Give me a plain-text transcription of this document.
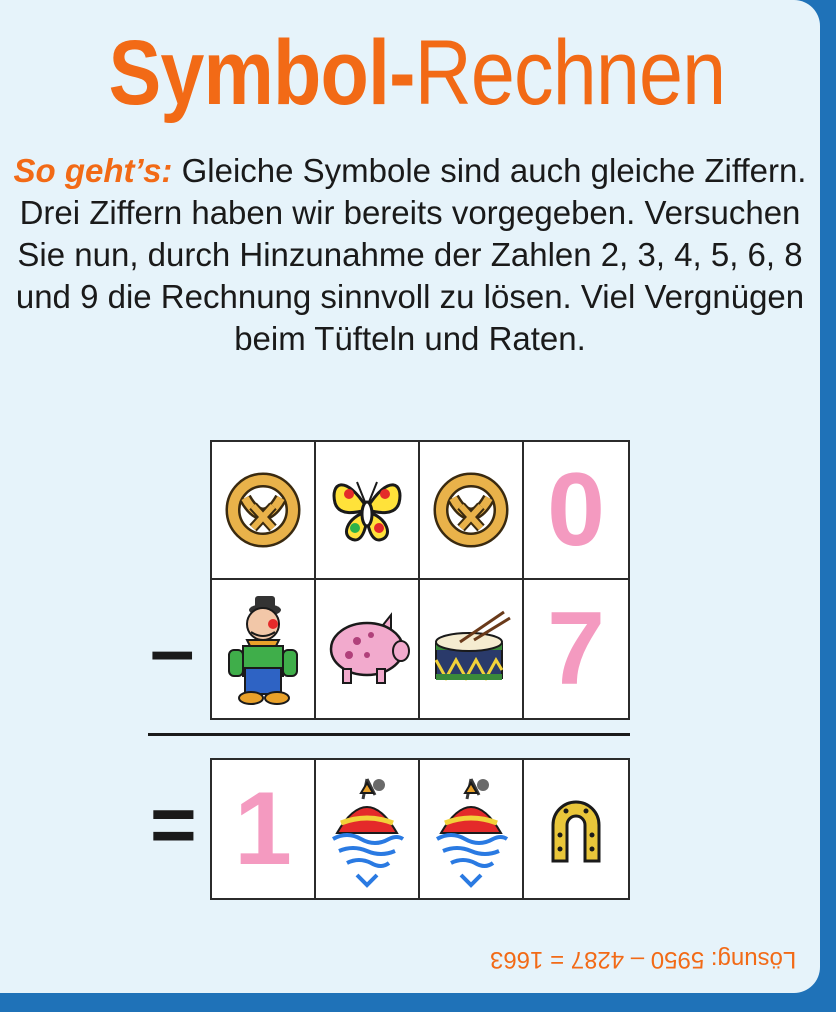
Symbol-Rechnen
So geht’s: Gleiche Symbole sind auch gleiche Ziffern. Drei Ziffern haben wir bereits vorgegeben. Versuchen Sie nun, durch Hinzunahme der Zahlen 2, 3, 4, 5, 6, 8 und 9 die Rechnung sinnvoll zu lösen. Viel Vergnügen beim Tüfteln und Raten.
0
7
–
= 1
Lösung: 5950 – 4287 = 1663
